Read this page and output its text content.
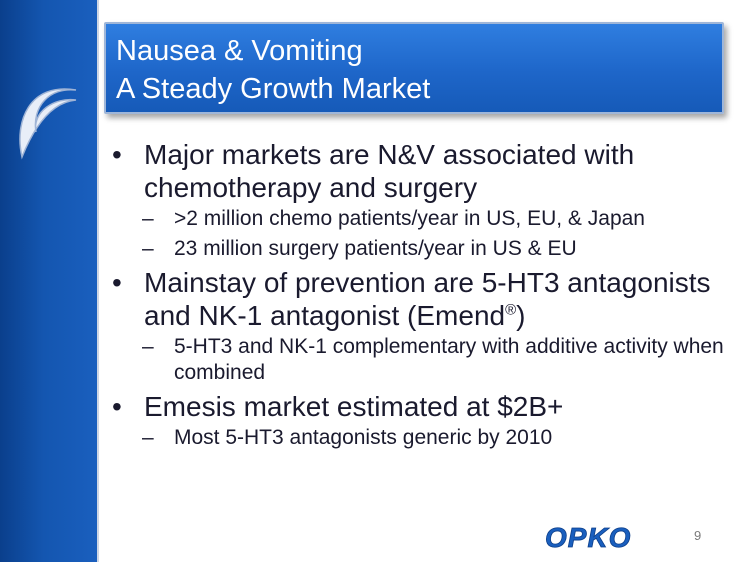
Nausea & Vomiting
A Steady Growth Market
• Major markets are N&V associated with chemotherapy and surgery
– >2 million chemo patients/year in US, EU, & Japan
– 23 million surgery patients/year in US & EU
• Mainstay of prevention are 5-HT3 antagonists and NK-1 antagonist (Emend®)
– 5-HT3 and NK-1 complementary with additive activity when combined
• Emesis market estimated at $2B+
– Most 5-HT3 antagonists generic by 2010
OPKO	9
